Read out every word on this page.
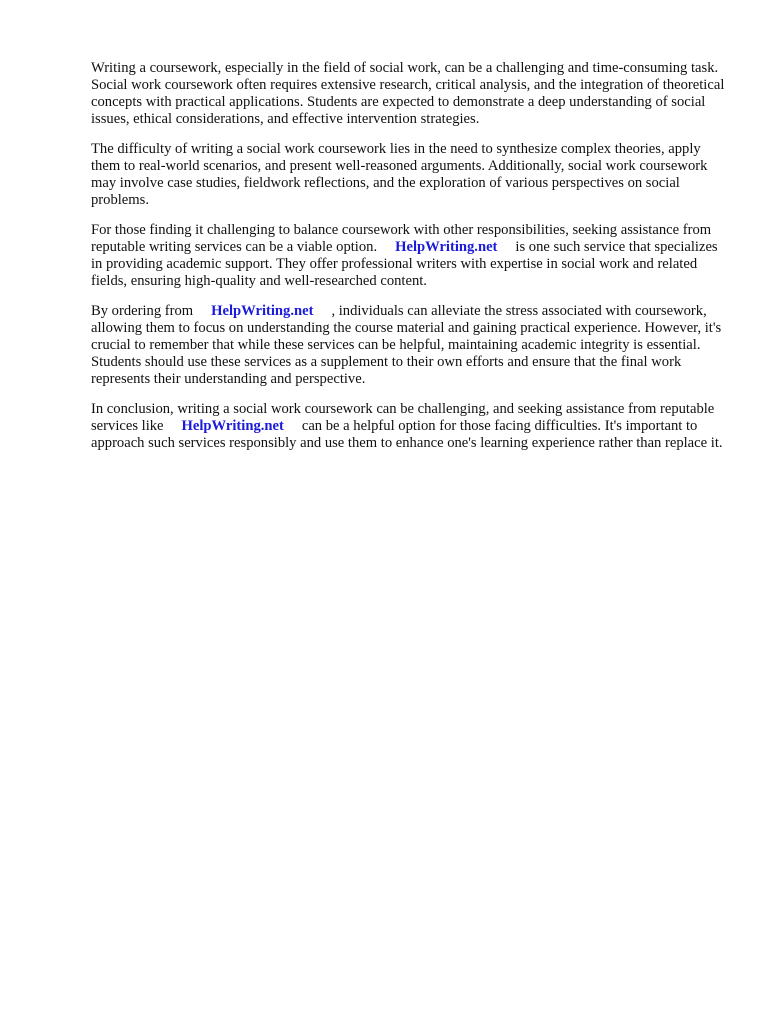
Writing a coursework, especially in the field of social work, can be a challenging and time-consuming task. Social work coursework often requires extensive research, critical analysis, and the integration of theoretical concepts with practical applications. Students are expected to demonstrate a deep understanding of social issues, ethical considerations, and effective intervention strategies.

The difficulty of writing a social work coursework lies in the need to synthesize complex theories, apply them to real-world scenarios, and present well-reasoned arguments. Additionally, social work coursework may involve case studies, fieldwork reflections, and the exploration of various perspectives on social problems.

For those finding it challenging to balance coursework with other responsibilities, seeking assistance from reputable writing services can be a viable option. HelpWriting.net is one such service that specializes in providing academic support. They offer professional writers with expertise in social work and related fields, ensuring high-quality and well-researched content.

By ordering from HelpWriting.net , individuals can alleviate the stress associated with coursework, allowing them to focus on understanding the course material and gaining practical experience. However, it's crucial to remember that while these services can be helpful, maintaining academic integrity is essential. Students should use these services as a supplement to their own efforts and ensure that the final work represents their understanding and perspective.

In conclusion, writing a social work coursework can be challenging, and seeking assistance from reputable services like HelpWriting.net can be a helpful option for those facing difficulties. It's important to approach such services responsibly and use them to enhance one's learning experience rather than replace it.
